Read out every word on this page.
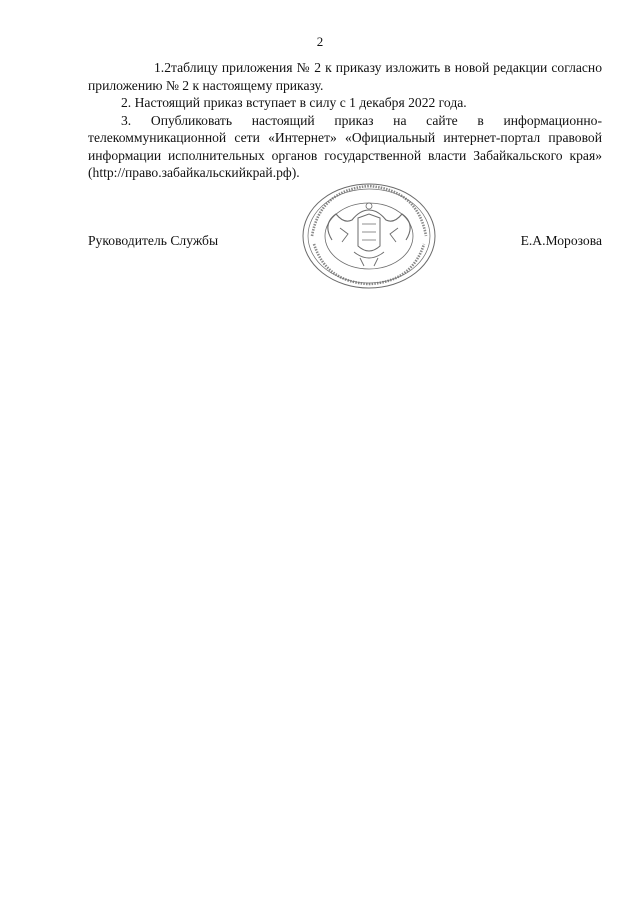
2

1.2таблицу приложения № 2 к приказу изложить в новой редакции согласно приложению № 2 к настоящему приказу.

2. Настоящий приказ вступает в силу с 1 декабря 2022 года.

3. Опубликовать настоящий приказ на сайте в информационно-телекоммуникационной сети «Интернет» «Официальный интернет-портал правовой информации исполнительных органов государственной власти Забайкальского края» (http://право.забайкальскийкрай.рф).

Руководитель Службы	Е.А.Морозова
